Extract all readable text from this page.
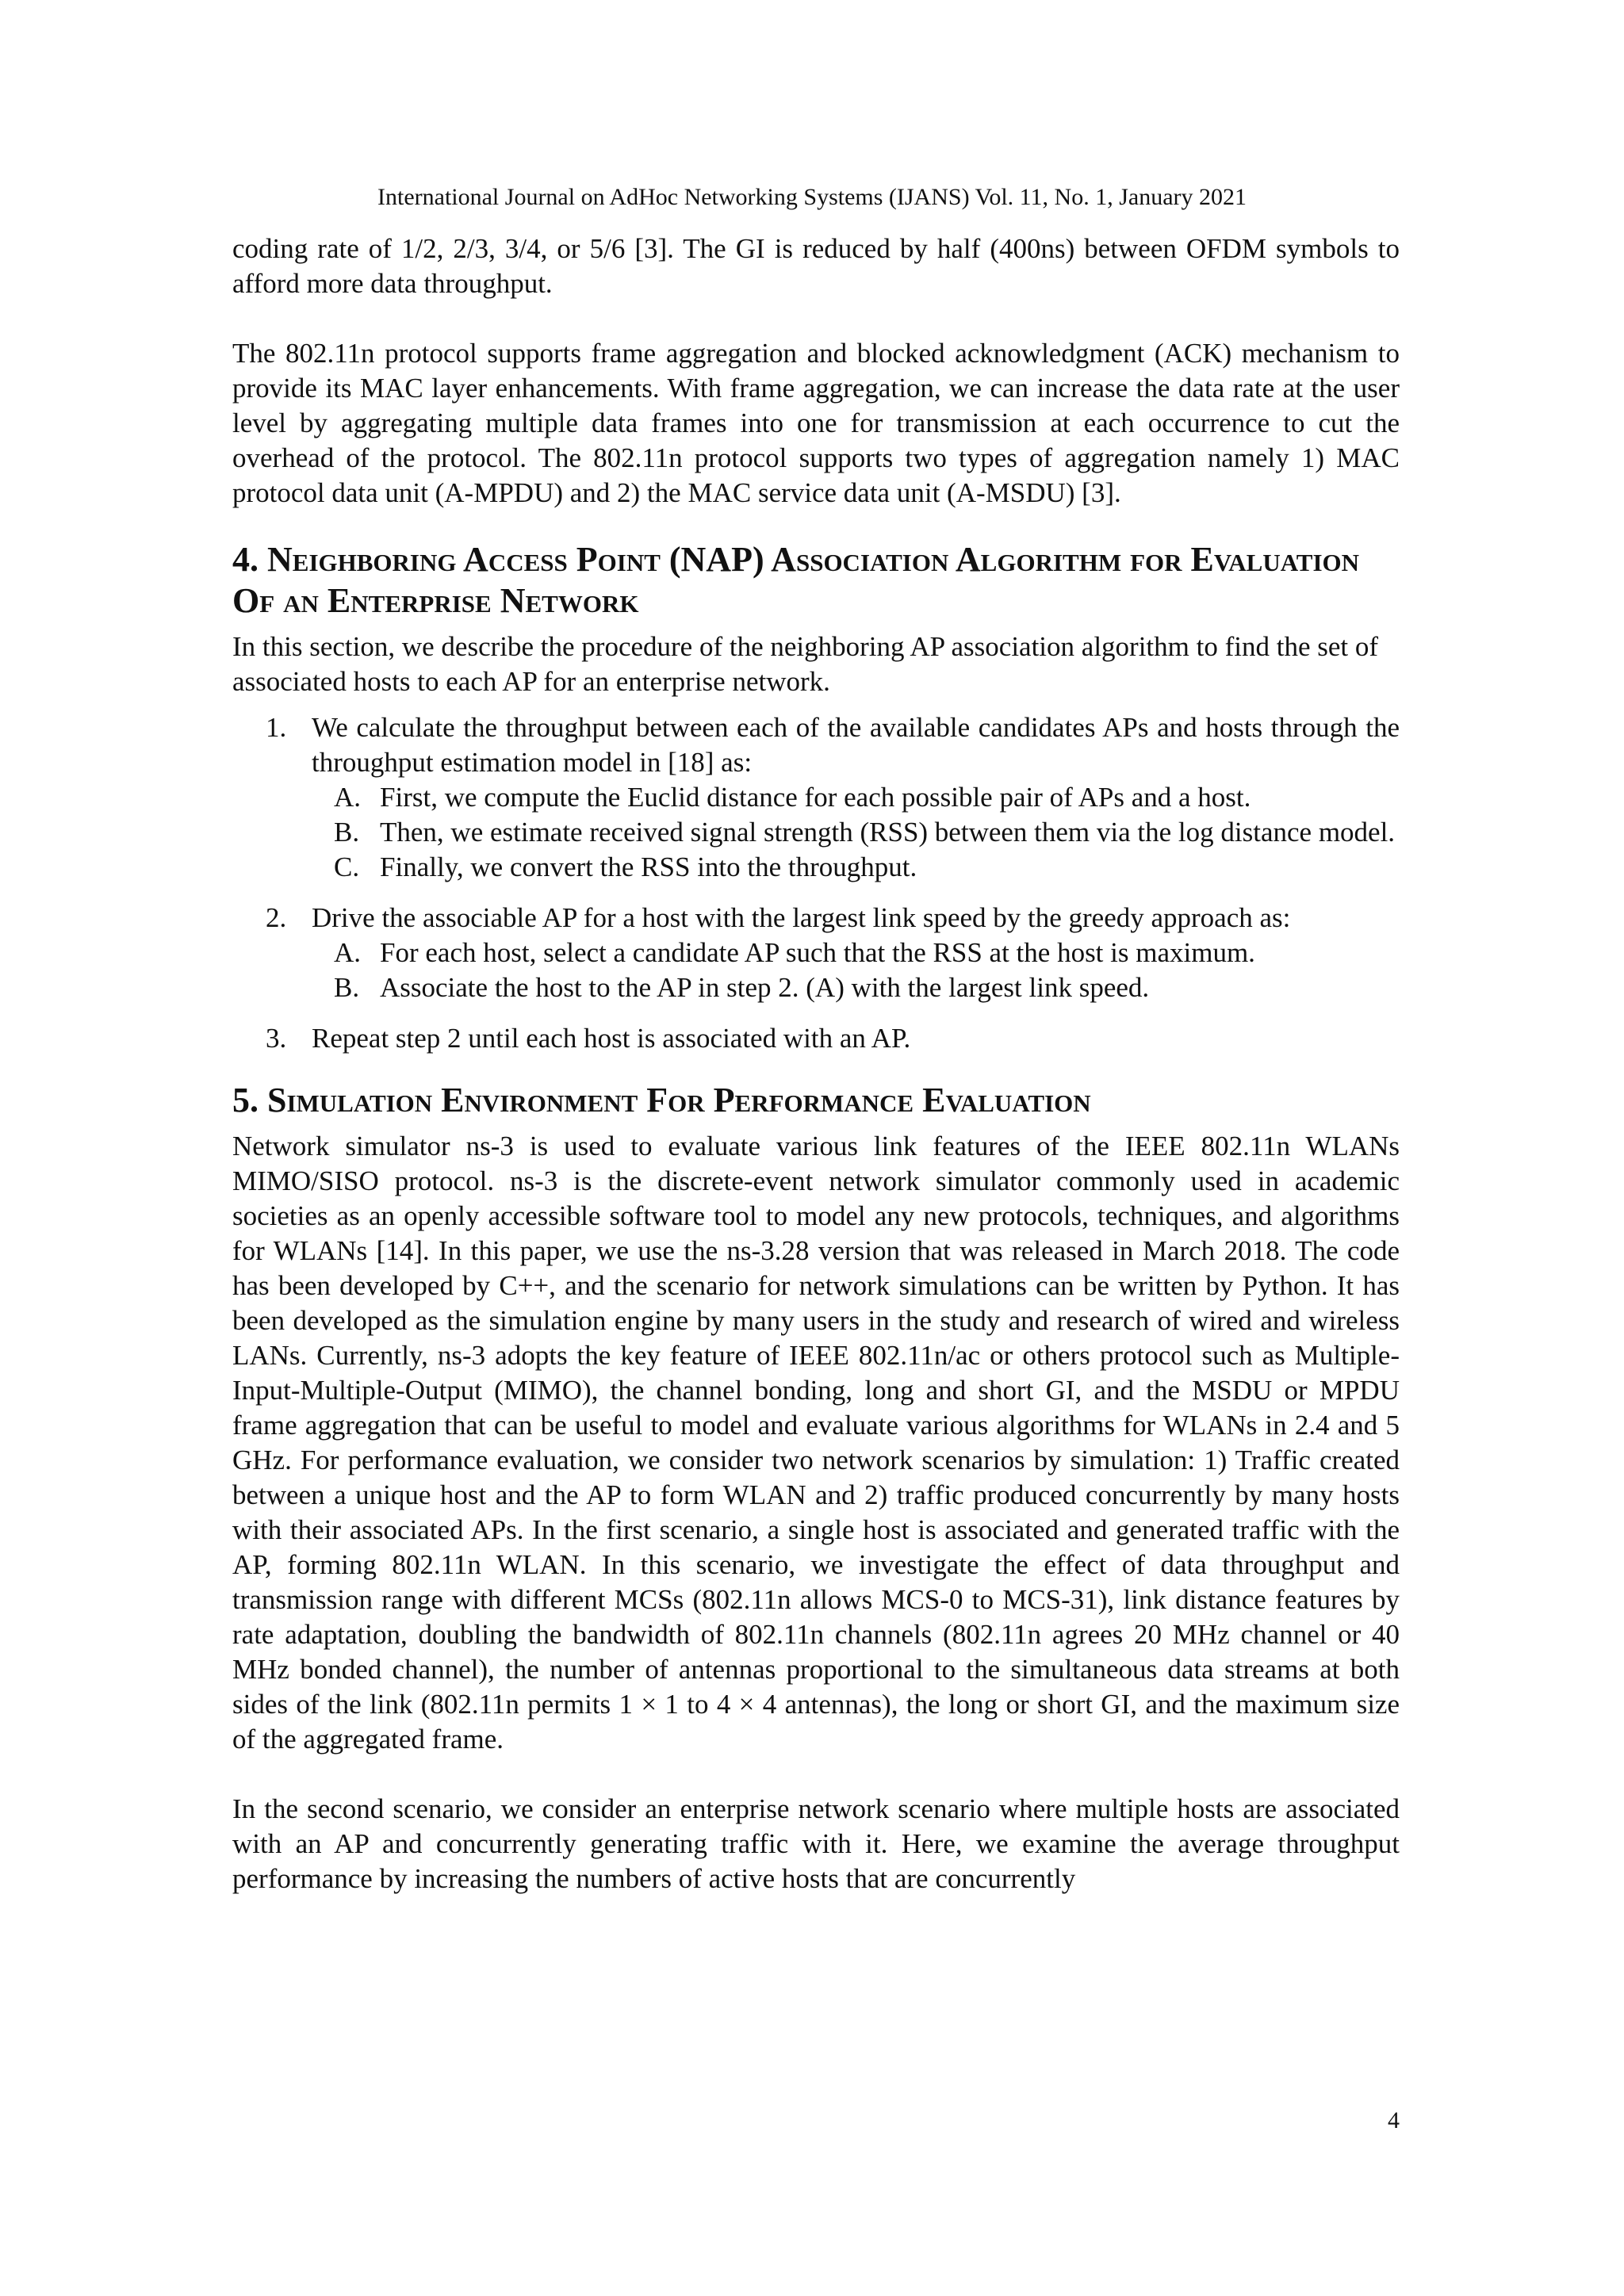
International Journal on AdHoc Networking Systems (IJANS) Vol. 11, No. 1, January 2021

coding rate of 1/2, 2/3, 3/4, or 5/6 [3]. The GI is reduced by half (400ns) between OFDM symbols to afford more data throughput.

The 802.11n protocol supports frame aggregation and blocked acknowledgment (ACK) mechanism to provide its MAC layer enhancements. With frame aggregation, we can increase the data rate at the user level by aggregating multiple data frames into one for transmission at each occurrence to cut the overhead of the protocol. The 802.11n protocol supports two types of aggregation namely 1) MAC protocol data unit (A-MPDU) and 2) the MAC service data unit (A-MSDU) [3].

4. Neighboring Access Point (NAP) Association Algorithm for Evaluation Of an Enterprise Network

In this section, we describe the procedure of the neighboring AP association algorithm to find the set of associated hosts to each AP for an enterprise network.

1. We calculate the throughput between each of the available candidates APs and hosts through the throughput estimation model in [18] as:

A. First, we compute the Euclid distance for each possible pair of APs and a host.
B. Then, we estimate received signal strength (RSS) between them via the log distance model.
C. Finally, we convert the RSS into the throughput.
2. Drive the associable AP for a host with the largest link speed by the greedy approach as:

A. For each host, select a candidate AP such that the RSS at the host is maximum.
B. Associate the host to the AP in step 2. (A) with the largest link speed.
3. Repeat step 2 until each host is associated with an AP.

5. Simulation Environment For Performance Evaluation

Network simulator ns-3 is used to evaluate various link features of the IEEE 802.11n WLANs MIMO/SISO protocol. ns-3 is the discrete-event network simulator commonly used in academic societies as an openly accessible software tool to model any new protocols, techniques, and algorithms for WLANs [14]. In this paper, we use the ns-3.28 version that was released in March 2018. The code has been developed by C++, and the scenario for network simulations can be written by Python. It has been developed as the simulation engine by many users in the study and research of wired and wireless LANs. Currently, ns-3 adopts the key feature of IEEE 802.11n/ac or others protocol such as Multiple-Input-Multiple-Output (MIMO), the channel bonding, long and short GI, and the MSDU or MPDU frame aggregation that can be useful to model and evaluate various algorithms for WLANs in 2.4 and 5 GHz. For performance evaluation, we consider two network scenarios by simulation: 1) Traffic created between a unique host and the AP to form WLAN and 2) traffic produced concurrently by many hosts with their associated APs. In the first scenario, a single host is associated and generated traffic with the AP, forming 802.11n WLAN. In this scenario, we investigate the effect of data throughput and transmission range with different MCSs (802.11n allows MCS-0 to MCS-31), link distance features by rate adaptation, doubling the bandwidth of 802.11n channels (802.11n agrees 20 MHz channel or 40 MHz bonded channel), the number of antennas proportional to the simultaneous data streams at both sides of the link (802.11n permits 1 × 1 to 4 × 4 antennas), the long or short GI, and the maximum size of the aggregated frame.

In the second scenario, we consider an enterprise network scenario where multiple hosts are associated with an AP and concurrently generating traffic with it. Here, we examine the average throughput performance by increasing the numbers of active hosts that are concurrently

4
